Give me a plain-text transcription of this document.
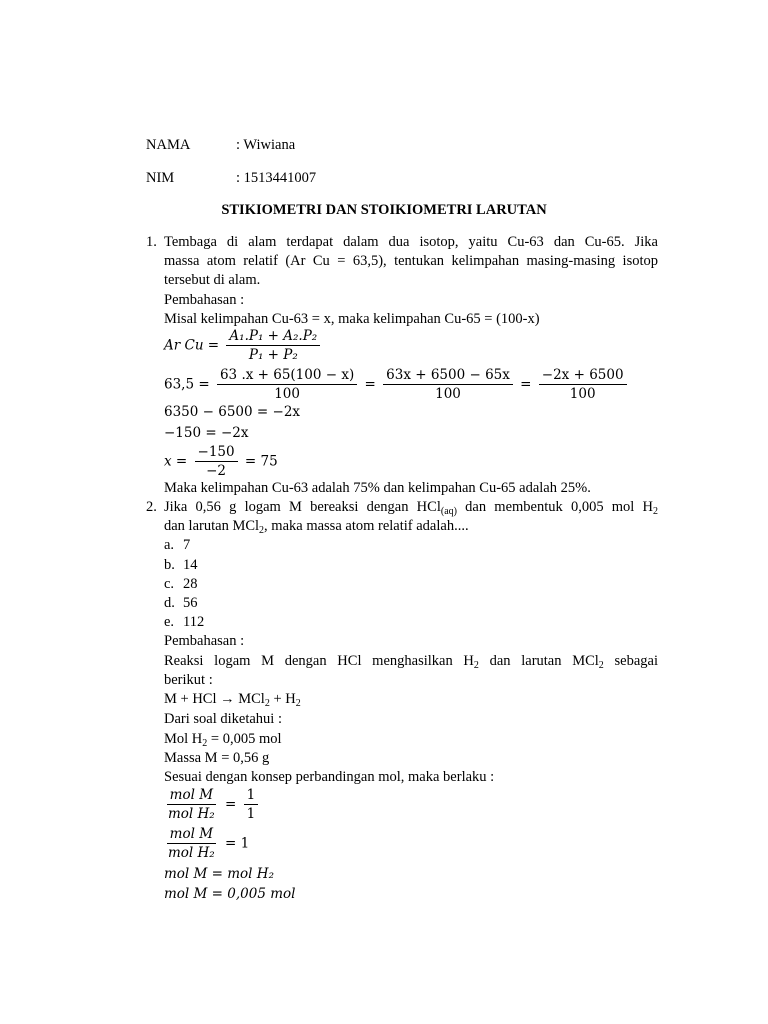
NAMA	: Wiwiana
NIM	: 1513441007
STIKIOMETRI DAN STOIKIOMETRI LARUTAN
1. Tembaga di alam terdapat dalam dua isotop, yaitu Cu-63 dan Cu-65. Jika
massa atom relatif (Ar Cu = 63,5), tentukan kelimpahan masing-masing isotop
tersebut di alam.
Pembahasan :
Misal kelimpahan Cu-63 = x, maka kelimpahan Cu-65 = (100-x)
Ar $Cu = \frac{\text{A₁.P₁ + A₂.P₂}}{\text{P₁ + P₂}}$
$63,5 = \frac{63 .x + 65(100 - x)}{100} = \frac{63x + 6500 - 65x}{100} = \frac{-2x + 6500}{100}$
6350 − 6500 = −2x
−150 = −2x
$x = \frac{-150}{-2} = 75$
Maka kelimpahan Cu-63 adalah 75% dan kelimpahan Cu-65 adalah 25%.
2. Jika 0,56 g logam M bereaksi dengan HCl$_{(aq)}$ dan membentuk 0,005 mol $H_2$
dan larutan MCl$_2$, maka massa atom relatif adalah....
a. 7
b. 14
c. 28
d. 56
e. 112
Pembahasan :
Reaksi logam M dengan HCl menghasilkan $H_2$ dan larutan MCl$_2$ sebagai
berikut :
M + HCl → $MCl_2 + H_2$
Dari soal diketahui :
Mol $H_2 = 0,005$ mol
Massa M = 0,56 g
Sesuai dengan konsep perbandingan mol, maka berlaku :
$\frac{\text{mol M}}{\text{mol H₂}} = \frac{1}{1}$
$\frac{\text{mol M}}{\text{mol H₂}} = 1$
mol M = mol H₂
mol M = 0,005 mol
